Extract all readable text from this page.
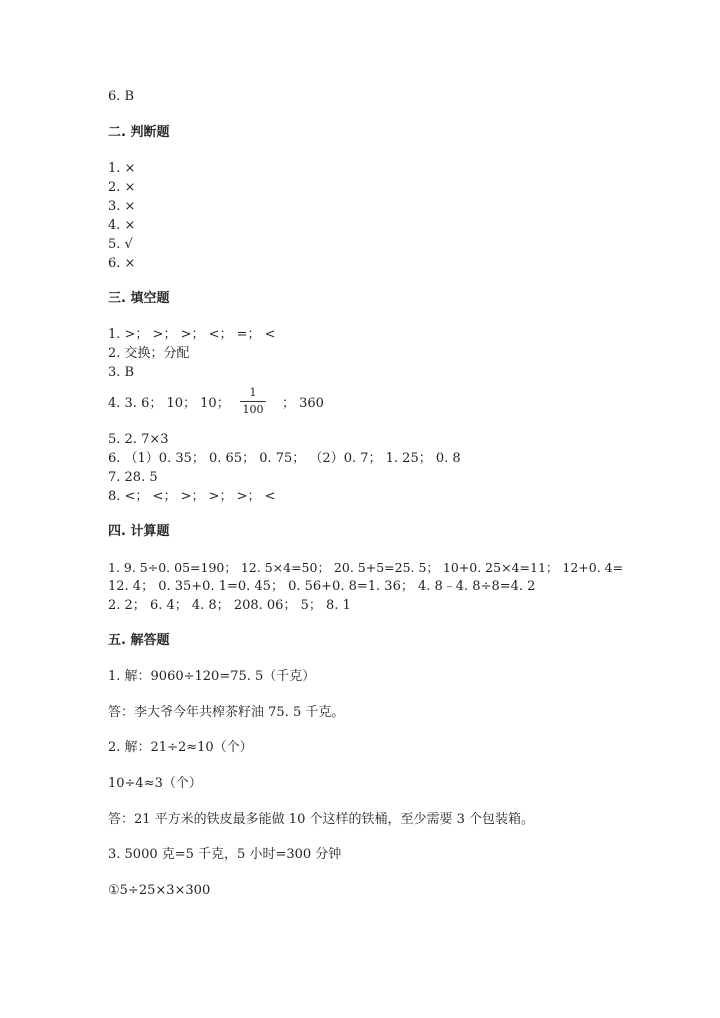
6. B
二. 判断题
1. ×
2. ×
3. ×
4. ×
5. √
6. ×
三. 填空题
1. >； >； >； <； =； <
2. 交换；分配
3. B
4. 3. 6； 10； 10；
1
100 ； 360
5. 2. 7×3
6. （1）0. 35； 0. 65； 0. 75； （2）0. 7； 1. 25； 0. 8
7. 28. 5
8. <； <； >； >； >； <
四. 计算题
1. 9. 5÷0. 05=190； 12. 5×4=50； 20. 5+5=25. 5； 10+0. 25×4=11； 12+0. 4=
12. 4； 0. 35+0. 1=0. 45； 0. 56+0. 8=1. 36； 4. 8﹣4. 8÷8=4. 2
2. 2； 6. 4； 4. 8； 208. 06； 5； 8. 1
五. 解答题
1. 解：9060÷120=75. 5（千克）
答：李大爷今年共榨茶籽油 75. 5 千克。
2. 解：21÷2≈10（个）
10÷4≈3（个）
答：21 平方米的铁皮最多能做 10 个这样的铁桶，至少需要 3 个包装箱。
3. 5000 克=5 千克，5 小时=300 分钟
①5÷25×3×300
